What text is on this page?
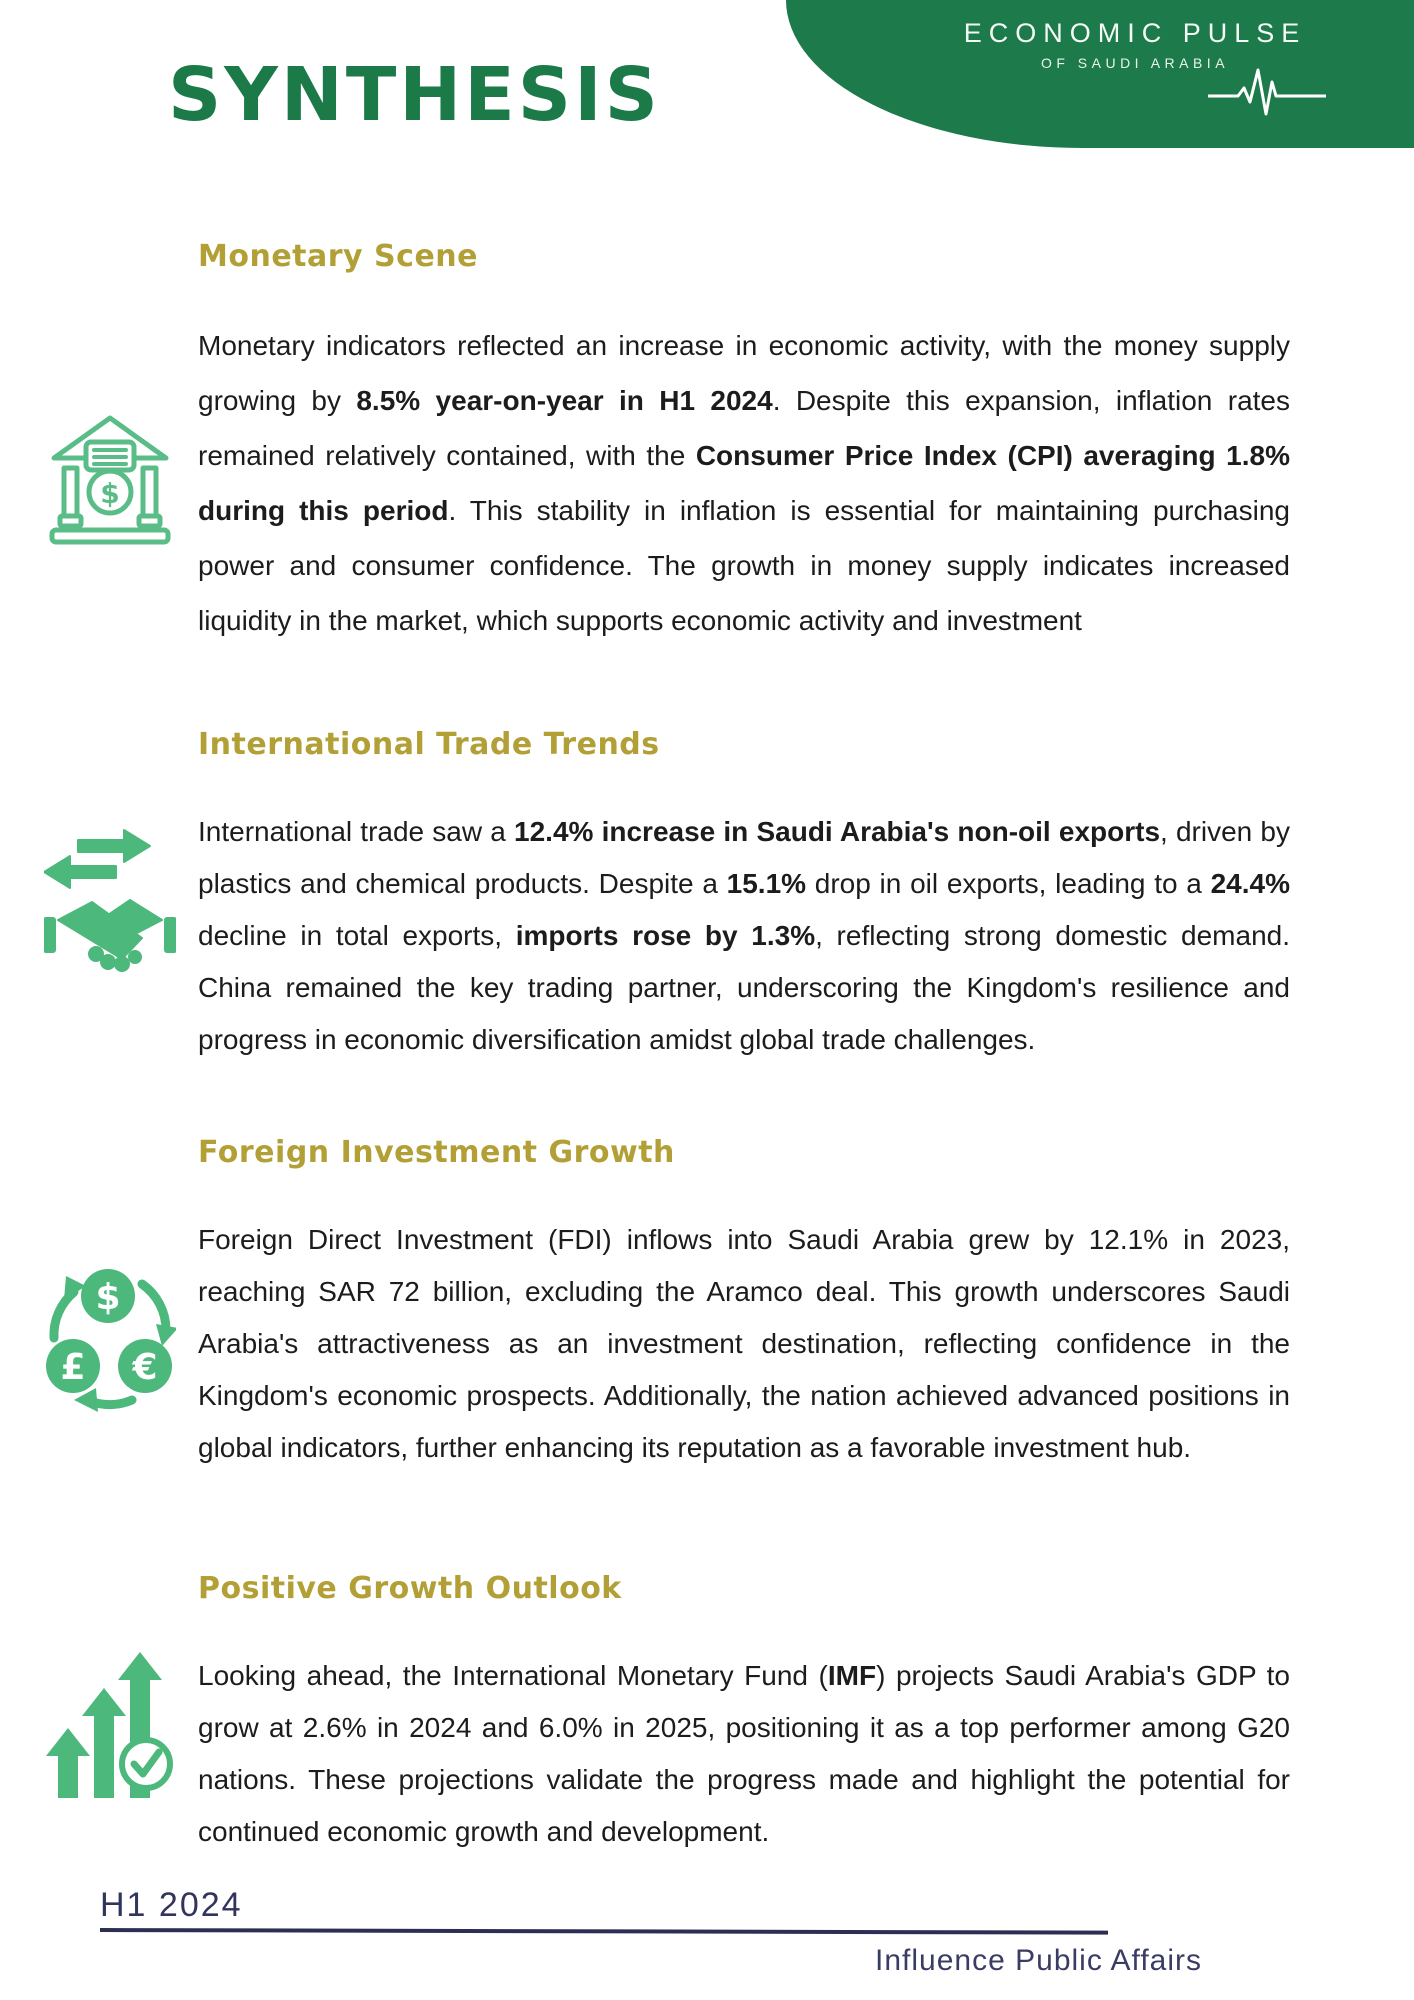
ECONOMIC PULSE
OF SAUDI ARABIA
SYNTHESIS
$
Monetary Scene

Monetary indicators reflected an increase in economic activity, with the money supply growing by 8.5% year-on-year in H1 2024. Despite this expansion, inflation rates remained relatively contained, with the Consumer Price Index (CPI) averaging 1.8% during this period. This stability in inflation is essential for maintaining purchasing power and consumer confidence. The growth in money supply indicates increased liquidity in the market, which supports economic activity and investment

International Trade Trends

International trade saw a 12.4% increase in Saudi Arabia's non-oil exports, driven by plastics and chemical products. Despite a 15.1% drop in oil exports, leading to a 24.4% decline in total exports, imports rose by 1.3%, reflecting strong domestic demand. China remained the key trading partner, underscoring the Kingdom's resilience and progress in economic diversification amidst global trade challenges.

$
£ €
Foreign Investment Growth

Foreign Direct Investment (FDI) inflows into Saudi Arabia grew by 12.1% in 2023, reaching SAR 72 billion, excluding the Aramco deal. This growth underscores Saudi Arabia's attractiveness as an investment destination, reflecting confidence in the Kingdom's economic prospects. Additionally, the nation achieved advanced positions in global indicators, further enhancing its reputation as a favorable investment hub.

Positive Growth Outlook

Looking ahead, the International Monetary Fund (IMF) projects Saudi Arabia's GDP to grow at 2.6% in 2024 and 6.0% in 2025, positioning it as a top performer among G20 nations. These projections validate the progress made and highlight the potential for continued economic growth and development.

H1 2024
Influence Public Affairs
